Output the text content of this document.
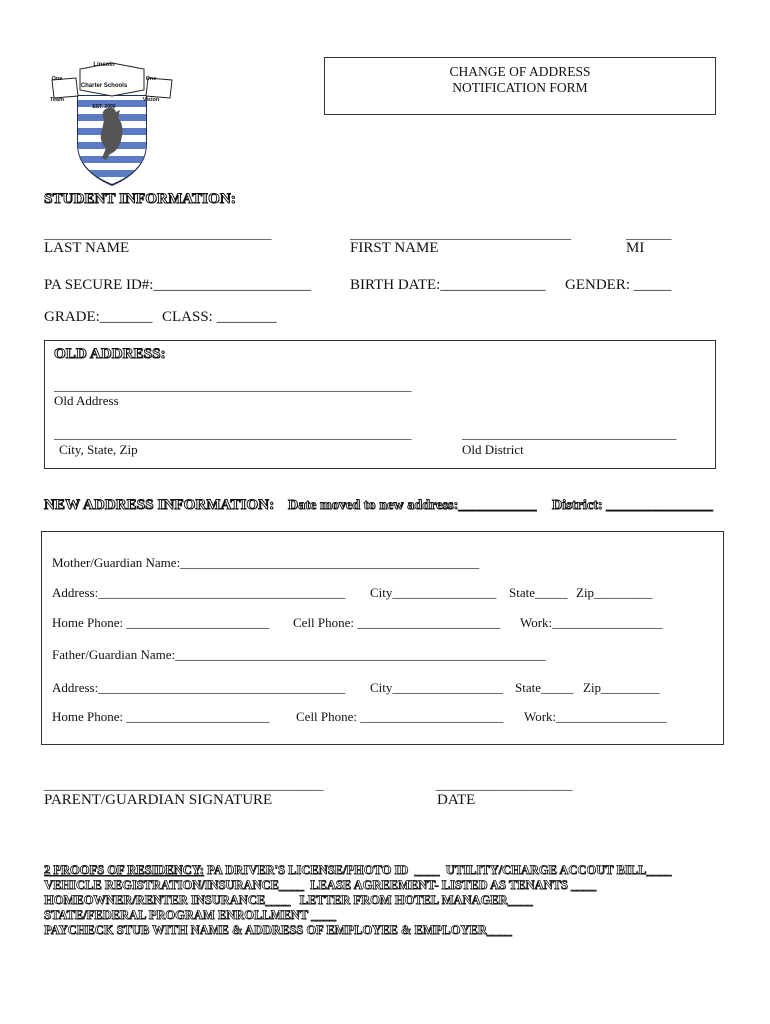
Lincoln

Charter Schools

EST. 2000

One

Team

One

Vision

CHANGE OF ADDRESS

NOTIFICATION FORM

STUDENT INFORMATION:
___________________________________	__________________________________	_______
LAST NAME	FIRST NAME	MI
PA SECURE ID#:_____________________	BIRTH DATE:______________ GENDER: _____
GRADE:_______ CLASS: ________
OLD ADDRESS:
_______________________________________________________
Old Address
_______________________________________________________	_________________________________
City, State, Zip	Old District
NEW ADDRESS INFORMATION: Date moved to new address:___________ District: _______________
Mother/Guardian Name:______________________________________________
Address:______________________________________ City________________ State_____ Zip_________
Home Phone: ______________________ Cell Phone: ______________________ Work:_________________
Father/Guardian Name:_________________________________________________________
Address:______________________________________ City_________________ State_____ Zip_________
Home Phone: ______________________ Cell Phone: ______________________ Work:_________________
___________________________________________
PARENT/GUARDIAN SIGNATURE
_____________________
DATE
2 PROOFS OF RESIDENCY: PA DRIVER'S LICENSE/PHOTO ID  ____  UTILITY/CHARGE ACCOUT BILL____
VEHICLE REGISTRATION/INSURANCE____  LEASE AGREEMENT- LISTED AS TENANTS ____
HOMEOWNER/RENTER INSURANCE____   LETTER FROM HOTEL MANAGER____
STATE/FEDERAL PROGRAM ENROLLMENT ____
PAYCHECK STUB WITH NAME & ADDRESS OF EMPLOYEE & EMPLOYER____
